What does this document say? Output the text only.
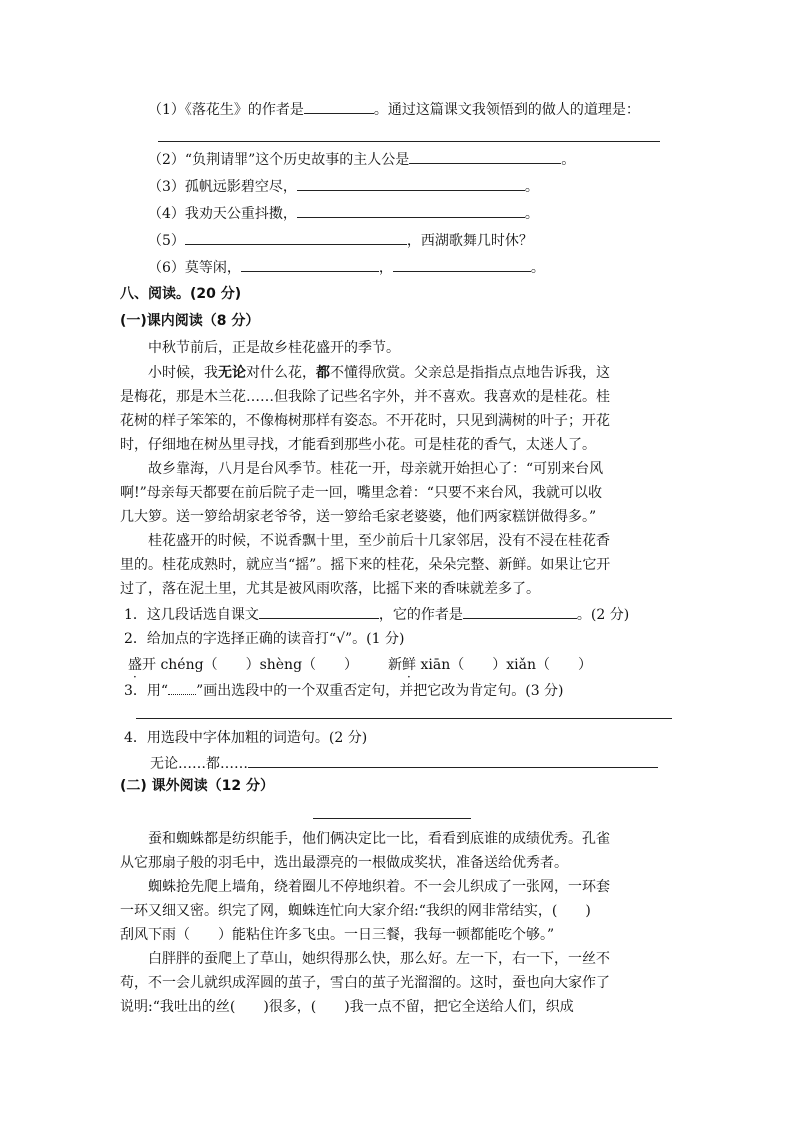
（1）《落花生》的作者是	。通过这篇课文我领悟到的做人的道理是：
（2）“负荆请罪”这个历史故事的主人公是	。
（3）孤帆远影碧空尽，	。
（4）我劝天公重抖擞，	。
（5）	，西湖歌舞几时休？
（6）莫等闲，	，	。
八、阅读。(20 分)
(一)课内阅读（8 分）
中秋节前后，正是故乡桂花盛开的季节。
小时候，我无论对什么花，都不懂得欣赏。父亲总是指指点点地告诉我，这
是梅花，那是木兰花……但我除了记些名字外，并不喜欢。我喜欢的是桂花。桂
花树的样子笨笨的，不像梅树那样有姿态。不开花时，只见到满树的叶子；开花
时，仔细地在树丛里寻找，才能看到那些小花。可是桂花的香气，太迷人了。
故乡靠海，八月是台风季节。桂花一开，母亲就开始担心了：“可别来台风
啊!”母亲每天都要在前后院子走一回，嘴里念着：“只要不来台风，我就可以收
几大箩。送一箩给胡家老爷爷，送一箩给毛家老婆婆，他们两家糕饼做得多。”
桂花盛开的时候，不说香飘十里，至少前后十几家邻居，没有不浸在桂花香
里的。桂花成熟时，就应当“摇”。摇下来的桂花，朵朵完整、新鲜。如果让它开
过了，落在泥土里，尤其是被风雨吹落，比摇下来的香味就差多了。
1．这几段话选自课文	，它的作者是	。(2 分)
2．给加点的字选择正确的读音打“√”。(1 分)
盛开 chéng（　　）shèng（　　） 新鲜 xiān（　　）xiǎn（　　）
3．用“ ”画出选段中的一个双重否定句，并把它改为肯定句。(3 分)
4．用选段中字体加粗的词造句。(2 分)
无论……都……
(二) 课外阅读（12 分）
蚕和蜘蛛都是纺织能手，他们俩决定比一比，看看到底谁的成绩优秀。孔雀
从它那扇子般的羽毛中，选出最漂亮的一根做成奖状，准备送给优秀者。
蜘蛛抢先爬上墙角，绕着圈儿不停地织着。不一会儿织成了一张网，一环套
一环又细又密。织完了网，蜘蛛连忙向大家介绍:“我织的网非常结实，(　　)
刮风下雨（　　）能粘住许多飞虫。一日三餐，我每一顿都能吃个够。”
白胖胖的蚕爬上了草山，她织得那么快，那么好。左一下，右一下，一丝不
苟，不一会儿就织成浑圆的茧子，雪白的茧子光溜溜的。这时，蚕也向大家作了
说明:“我吐出的丝(　　)很多，(　　)我一点不留，把它全送给人们，织成
